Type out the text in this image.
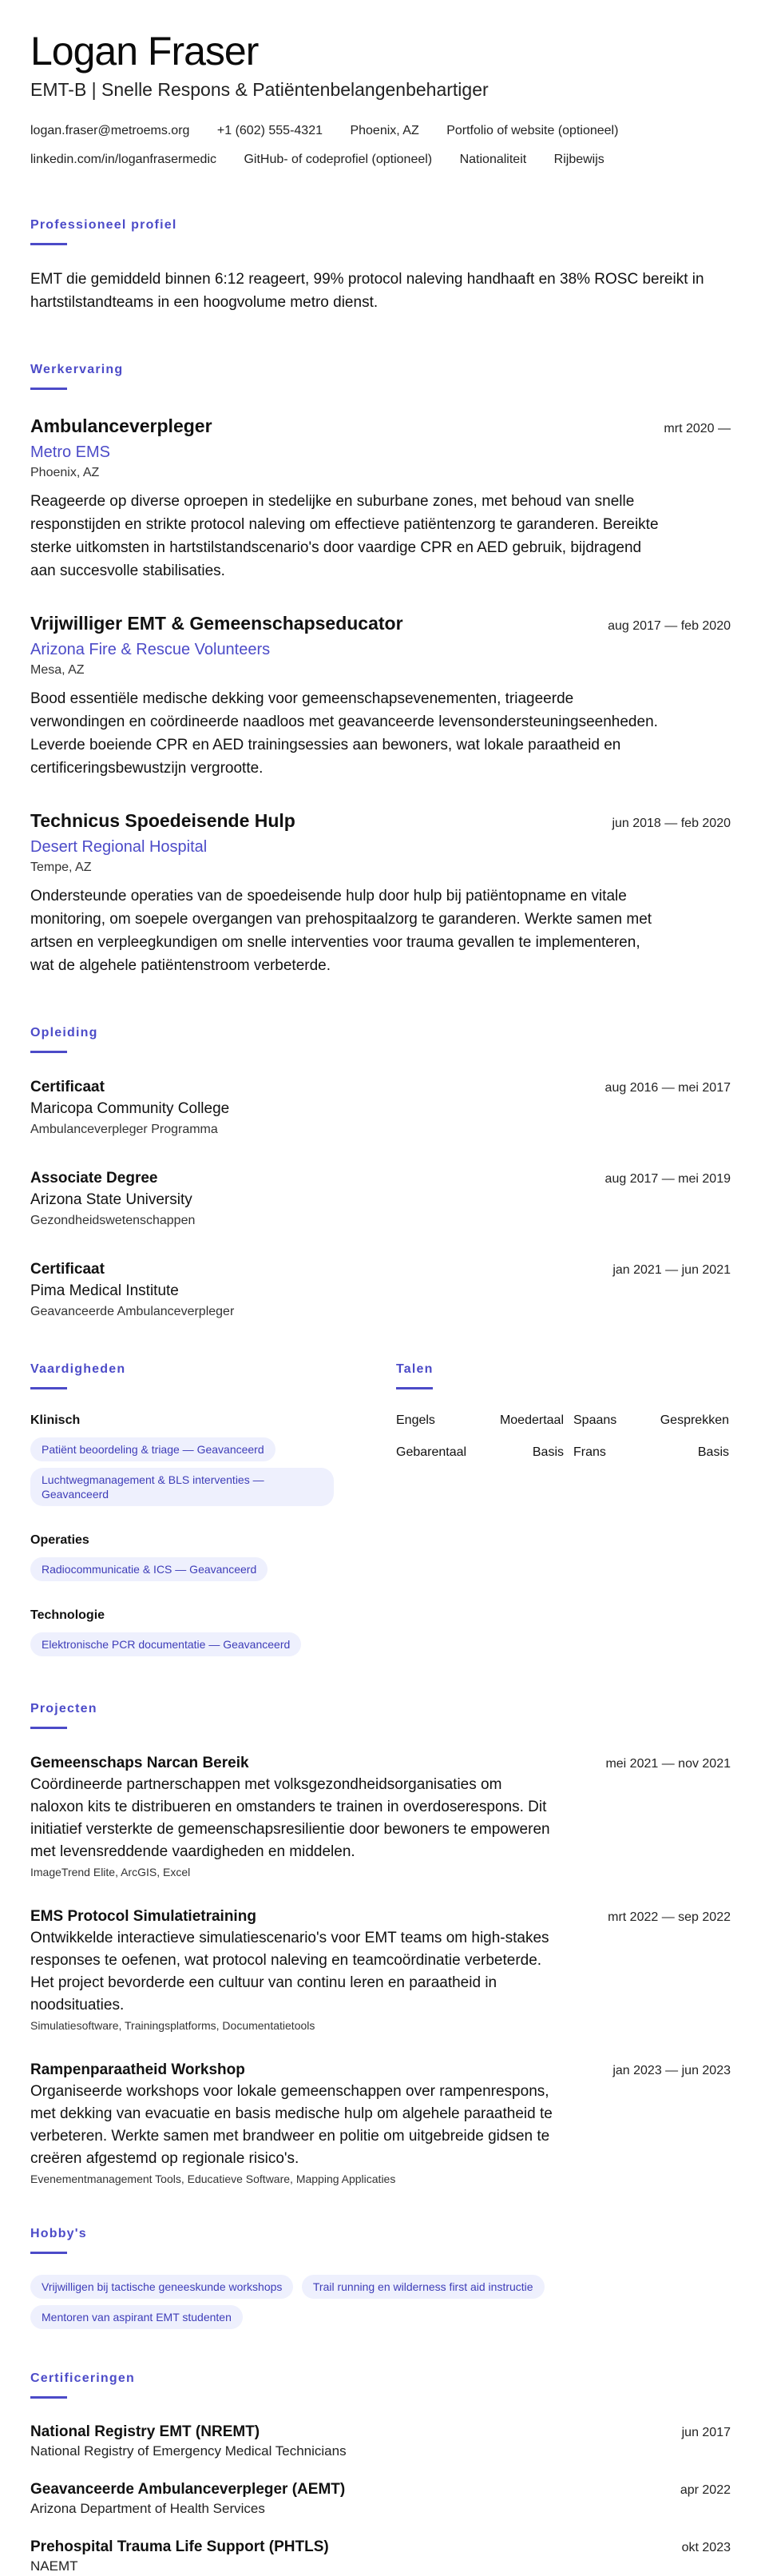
Logan Fraser
EMT-B | Snelle Respons & Patiëntenbelangenbehartiger
logan.fraser@metroems.org +1 (602) 555-4321 Phoenix, AZ Portfolio of website (optioneel)
linkedin.com/in/loganfrasermedic GitHub- of codeprofiel (optioneel) Nationaliteit Rijbewijs
Professioneel profiel
EMT die gemiddeld binnen 6:12 reageert, 99% protocol naleving handhaaft en 38% ROSC bereikt in hartstilstandteams in een hoogvolume metro dienst.
Werkervaring
Ambulanceverpleger	mrt 2020 —
Metro EMS
Phoenix, AZ
Reageerde op diverse oproepen in stedelijke en suburbane zones, met behoud van snelle responstijden en strikte protocol naleving om effectieve patiëntenzorg te garanderen. Bereikte sterke uitkomsten in hartstilstandscenario's door vaardige CPR en AED gebruik, bijdragend aan succesvolle stabilisaties.
Vrijwilliger EMT & Gemeenschapseducator	aug 2017 — feb 2020
Arizona Fire & Rescue Volunteers
Mesa, AZ
Bood essentiële medische dekking voor gemeenschapsevenementen, triageerde verwondingen en coördineerde naadloos met geavanceerde levensondersteuningseenheden. Leverde boeiende CPR en AED trainingsessies aan bewoners, wat lokale paraatheid en certificeringsbewustzijn vergrootte.
Technicus Spoedeisende Hulp	jun 2018 — feb 2020
Desert Regional Hospital
Tempe, AZ
Ondersteunde operaties van de spoedeisende hulp door hulp bij patiëntopname en vitale monitoring, om soepele overgangen van prehospitaalzorg te garanderen. Werkte samen met artsen en verpleegkundigen om snelle interventies voor trauma gevallen te implementeren, wat de algehele patiëntenstroom verbeterde.
Opleiding
Certificaat	aug 2016 — mei 2017
Maricopa Community College
Ambulanceverpleger Programma
Associate Degree	aug 2017 — mei 2019
Arizona State University
Gezondheidswetenschappen
Certificaat	jan 2021 — jun 2021
Pima Medical Institute
Geavanceerde Ambulanceverpleger
Vaardigheden
Klinisch
Patiënt beoordeling & triage — Geavanceerd
Luchtwegmanagement & BLS interventies — Geavanceerd
Operaties
Radiocommunicatie & ICS — Geavanceerd
Technologie
Elektronische PCR documentatie — Geavanceerd
Talen
Engels	Moedertaal Spaans	Gesprekken
Gebarentaal	Basis Frans	Basis
Projecten
Gemeenschaps Narcan Bereik	mei 2021 — nov 2021
Coördineerde partnerschappen met volksgezondheidsorganisaties om naloxon kits te distribueren en omstanders te trainen in overdoserespons. Dit initiatief versterkte de gemeenschapsresilientie door bewoners te empoweren met levensreddende vaardigheden en middelen.
ImageTrend Elite, ArcGIS, Excel
EMS Protocol Simulatietraining	mrt 2022 — sep 2022
Ontwikkelde interactieve simulatiescenario's voor EMT teams om high-stakes responses te oefenen, wat protocol naleving en teamcoördinatie verbeterde. Het project bevorderde een cultuur van continu leren en paraatheid in noodsituaties.
Simulatiesoftware, Trainingsplatforms, Documentatietools
Rampenparaatheid Workshop	jan 2023 — jun 2023
Organiseerde workshops voor lokale gemeenschappen over rampenrespons, met dekking van evacuatie en basis medische hulp om algehele paraatheid te verbeteren. Werkte samen met brandweer en politie om uitgebreide gidsen te creëren afgestemd op regionale risico's.
Evenementmanagement Tools, Educatieve Software, Mapping Applicaties
Hobby's
Vrijwilligen bij tactische geneeskunde workshops	Trail running en wilderness first aid instructie
Mentoren van aspirant EMT studenten
Certificeringen
National Registry EMT (NREMT)	jun 2017
National Registry of Emergency Medical Technicians
Geavanceerde Ambulanceverpleger (AEMT)	apr 2022
Arizona Department of Health Services
Prehospital Trauma Life Support (PHTLS)	okt 2023
NAEMT
